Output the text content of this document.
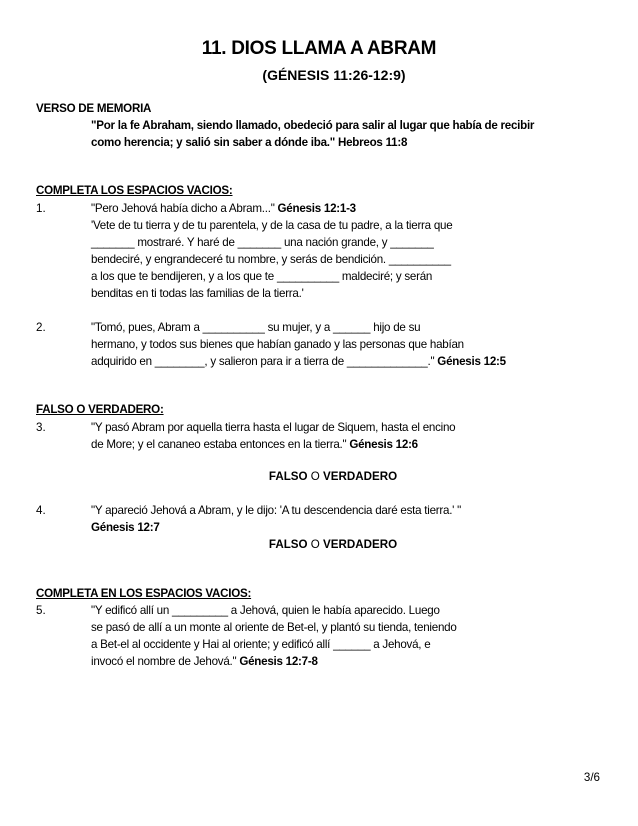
11. DIOS LLAMA A ABRAM
(GÉNESIS 11:26-12:9)
VERSO DE MEMORIA
"Por la fe Abraham, siendo llamado, obedeció para salir al lugar que había de recibir
como herencia; y salió sin saber a dónde iba." Hebreos 11:8
COMPLETA LOS ESPACIOS VACIOS:
1.	"Pero Jehová había dicho a Abram..." Génesis 12:1-3
'Vete de tu tierra y de tu parentela, y de la casa de tu padre, a la tierra que
_______ mostraré. Y haré de _______ una nación grande, y _______
bendeciré, y engrandeceré tu nombre, y serás de bendición. __________
a los que te bendijeren, y a los que te __________ maldeciré; y serán
benditas en ti todas las familias de la tierra.'
2.	"Tomó, pues, Abram a __________ su mujer, y a ______ hijo de su
hermano, y todos sus bienes que habían ganado y las personas que habían
adquirido en ________, y salieron para ir a tierra de _____________." Génesis 12:5
FALSO O VERDADERO:
3.	"Y pasó Abram por aquella tierra hasta el lugar de Siquem, hasta el encino
de More; y el cananeo estaba entonces en la tierra." Génesis 12:6
FALSO O VERDADERO
4.	"Y apareció Jehová a Abram, y le dijo: 'A tu descendencia daré esta tierra.' "
Génesis 12:7
FALSO O VERDADERO
COMPLETA EN LOS ESPACIOS VACIOS:
5.	"Y edificó allí un _________ a Jehová, quien le había aparecido. Luego
se pasó de allí a un monte al oriente de Bet-el, y plantó su tienda, teniendo
a Bet-el al occidente y Hai al oriente; y edificó allí ______ a Jehová, e
invocó el nombre de Jehová." Génesis 12:7-8
3/6
